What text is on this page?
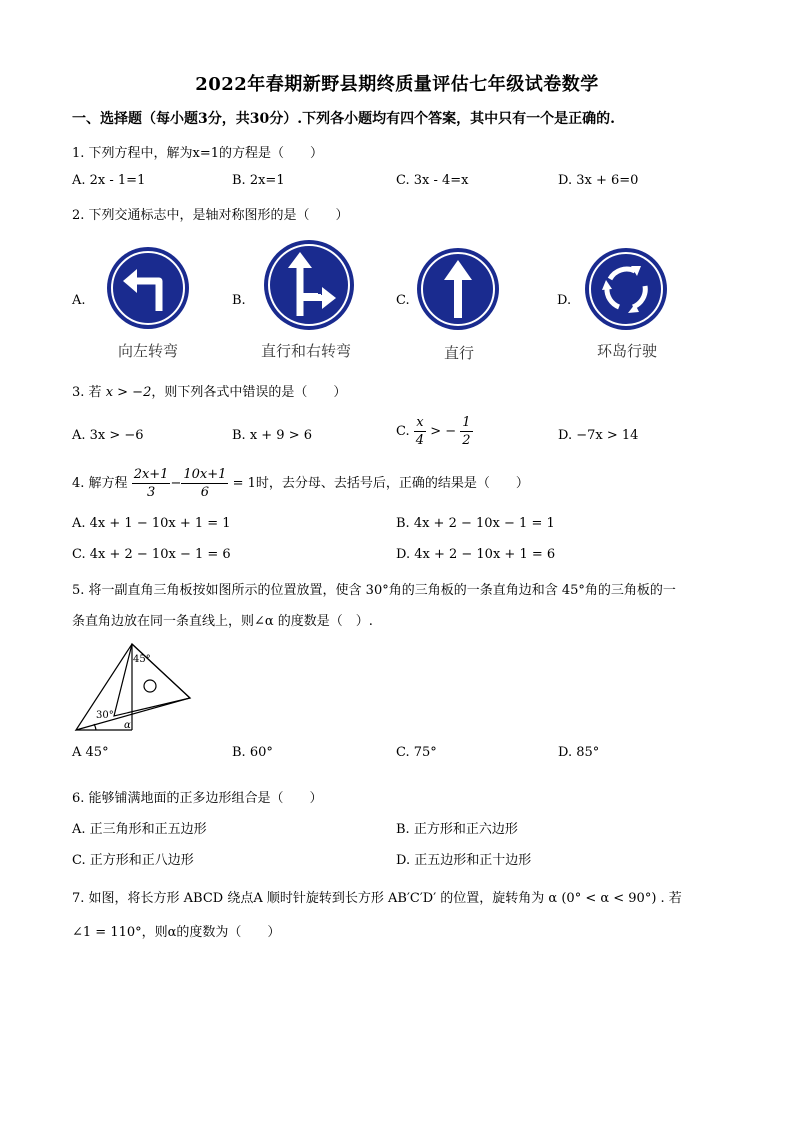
2022年春期新野县期终质量评估七年级试卷数学
一、选择题（每小题3分，共30分）.下列各小题均有四个答案，其中只有一个是正确的.
1. 下列方程中，解为x=1的方程是（　　）
A. 2x - 1=1	B. 2x=1	C. 3x - 4=x	D. 3x + 6=0
2. 下列交通标志中，是轴对称图形的是（　　）
A.	B.	C.	D.
向左转弯	直行和右转弯	直行	环岛行驶
3. 若 x > −2，则下列各式中错误的是（　　）
A. 3x > −6	B. x + 9 > 6	C. $\frac{x}{4}$ > − $\frac{1}{2}$	D. −7x > 14
4. 解方程 $\frac{2x+1}{3} - \frac{10x+1}{6} = 1$时，去分母、去括号后，正确的结果是（　　）
A. 4x + 1 − 10x + 1 = 1	B. 4x + 2 − 10x − 1 = 1
C. 4x + 2 − 10x − 1 = 6	D. 4x + 2 − 10x + 1 = 6
5. 将一副直角三角板按如图所示的位置放置，使含 30°角的三角板的一条直角边和含 45°角的三角板的一
条直角边放在同一条直线上，则∠α 的度数是（　）.
45°
30°
α
A 45°	B. 60°	C. 75°	D. 85°
6. 能够铺满地面的正多边形组合是（　　）
A. 正三角形和正五边形	B. 正方形和正六边形
C. 正方形和正八边形	D. 正五边形和正十边形
7. 如图，将长方形 ABCD 绕点A 顺时针旋转到长方形 AB′C′D′ 的位置，旋转角为 α (0° < α < 90°) . 若
∠1 = 110°，则α的度数为（　　）
